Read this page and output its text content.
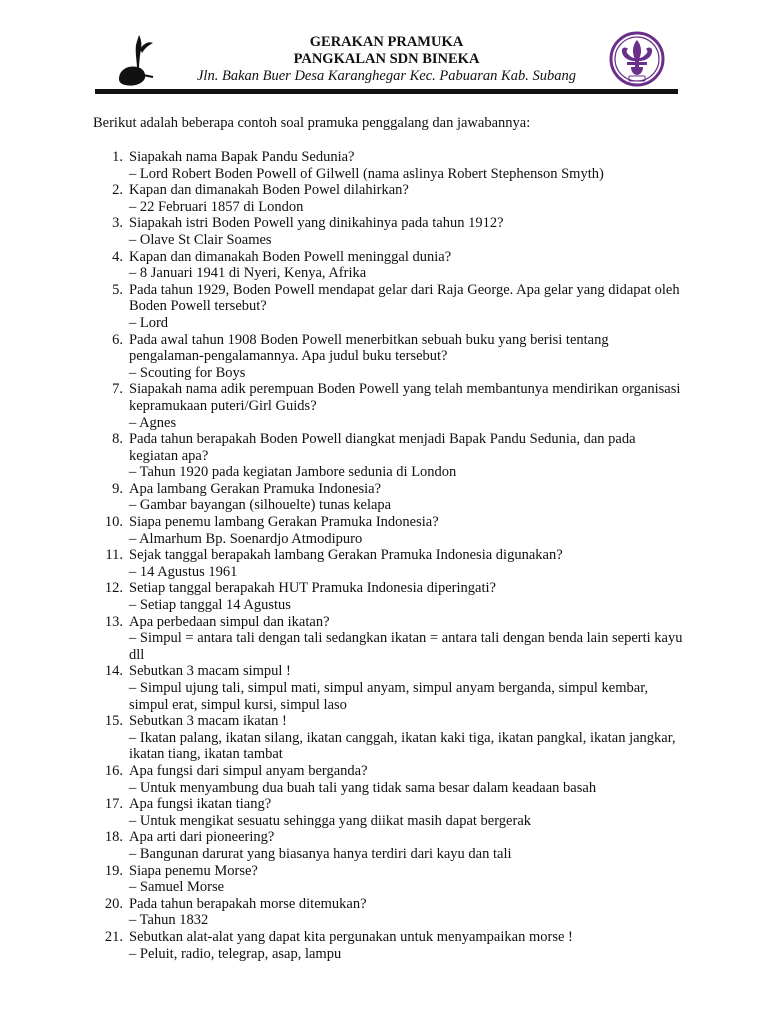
GERAKAN PRAMUKA
PANGKALAN SDN BINEKA
Jln. Bakan Buer Desa Karanghegar Kec. Pabuaran Kab. Subang
Berikut adalah beberapa contoh soal pramuka penggalang dan jawabannya:
1. Siapakah nama Bapak Pandu Sedunia?
– Lord Robert Boden Powell of Gilwell (nama aslinya Robert Stephenson Smyth)
2. Kapan dan dimanakah Boden Powel dilahirkan?
– 22 Februari 1857 di London
3. Siapakah istri Boden Powell yang dinikahinya pada tahun 1912?
– Olave St Clair Soames
4. Kapan dan dimanakah Boden Powell meninggal dunia?
– 8 Januari 1941 di Nyeri, Kenya, Afrika
5. Pada tahun 1929, Boden Powell mendapat gelar dari Raja George. Apa gelar yang didapat oleh Boden Powell tersebut?
– Lord
6. Pada awal tahun 1908 Boden Powell menerbitkan sebuah buku yang berisi tentang pengalaman-pengalamannya. Apa judul buku tersebut?
– Scouting for Boys
7. Siapakah nama adik perempuan Boden Powell yang telah membantunya mendirikan organisasi kepramukaan puteri/Girl Guids?
– Agnes
8. Pada tahun berapakah Boden Powell diangkat menjadi Bapak Pandu Sedunia, dan pada kegiatan apa?
– Tahun 1920 pada kegiatan Jambore sedunia di London
9. Apa lambang Gerakan Pramuka Indonesia?
– Gambar bayangan (silhouelte) tunas kelapa
10. Siapa penemu lambang Gerakan Pramuka Indonesia?
– Almarhum Bp. Soenardjo Atmodipuro
11. Sejak tanggal berapakah lambang Gerakan Pramuka Indonesia digunakan?
– 14 Agustus 1961
12. Setiap tanggal berapakah HUT Pramuka Indonesia diperingati?
– Setiap tanggal 14 Agustus
13. Apa perbedaan simpul dan ikatan?
– Simpul = antara tali dengan tali sedangkan ikatan = antara tali dengan benda lain seperti kayu dll
14. Sebutkan 3 macam simpul !
– Simpul ujung tali, simpul mati, simpul anyam, simpul anyam berganda, simpul kembar, simpul erat, simpul kursi, simpul laso
15. Sebutkan 3 macam ikatan !
– Ikatan palang, ikatan silang, ikatan canggah, ikatan kaki tiga, ikatan pangkal, ikatan jangkar, ikatan tiang, ikatan tambat
16. Apa fungsi dari simpul anyam berganda?
– Untuk menyambung dua buah tali yang tidak sama besar dalam keadaan basah
17. Apa fungsi ikatan tiang?
– Untuk mengikat sesuatu sehingga yang diikat masih dapat bergerak
18. Apa arti dari pioneering?
– Bangunan darurat yang biasanya hanya terdiri dari kayu dan tali
19. Siapa penemu Morse?
– Samuel Morse
20. Pada tahun berapakah morse ditemukan?
– Tahun 1832
21. Sebutkan alat-alat yang dapat kita pergunakan untuk menyampaikan morse !
– Peluit, radio, telegrap, asap, lampu
